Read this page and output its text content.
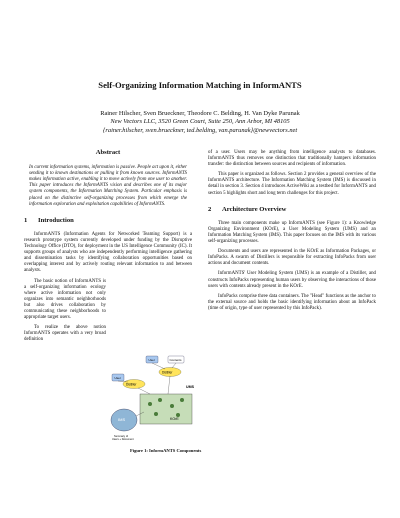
Self-Organizing Information Matching in InformANTS
Rainer Hilscher, Sven Brueckner, Theodore C. Belding, H. Van Dyke Parunak
New Vectors LLC, 3520 Green Court, Suite 250, Ann Arbor, MI 48105
{rainer.hilscher, sven.brueckner, ted.belding, van.parunak}@newvectors.net
Abstract

In current information systems, information is passive. People act upon it, either sending it to known destinations or pulling it from known sources. InformANTS makes information active, enabling it to move actively from one user to another. This paper introduces the InformANTS vision and describes one of its major system components, the Information Matching System. Particular emphasis is placed on the distinctive self-organizing processes from which emerge the information exploration and exploitation capabilities of InformANTS.

1 Introduction

InformANTS (Information Agents for Networked Teaming Support) is a research prototype system currently developed under funding by the Disruptive Technology Office (DTO), for deployment in the US Intelligence Community (IC). It supports groups of analysts who are independently performing intelligence gathering and dissemination tasks by identifying collaboration opportunities based on overlapping interest and by actively routing relevant information to and between analysts.

The basic notion of InformANTS is a self-organizing information ecology where active information not only organizes into semantic neighborhoods but also drives collaboration by communicating these neighborhoods to appropriate target users.

To realize the above notion InformANTS operates with a very broad definition

IMS
Summary of
Users + Document
KOrE
User
User
Contents
Distiller
Distiller
UMS
Figure 1: InformANTS Components

of a user. Users may be anything from intelligence analysts to databases. InformANTS thus removes one distinction that traditionally hampers information transfer: the distinction between sources and recipients of information.

This paper is organized as follows. Section 2 provides a general overview of the InformANTS architecture. The Information Matching System (IMS) is discussed in detail in section 3. Section 4 introduces ActiveWiki as a testbed for InformANTS and section 5 highlights short and long term challenges for this project.

2 Architecture Overview

Three main components make up InformANTS (see Figure 1): a Knowledge Organizing Environment (KOrE), a User Modeling System (UMS) and an Information Matching System (IMS). This paper focuses on the IMS with its various self-organizing processes.

Documents and users are represented in the KOrE as Information Packages, or InfoPacks. A swarm of Distillers is responsible for extracting InfoPacks from user actions and document contents.

InformANTS' User Modeling System (UMS) is an example of a Distiller, and constructs InfoPacks representing human users by observing the interactions of those users with contents already present in the KOrE.

InfoPacks comprise three data containers. The "Head" functions as the anchor to the external source and holds the basic identifying information about an InfoPack (time of origin, type of user represented by this InfoPack).
